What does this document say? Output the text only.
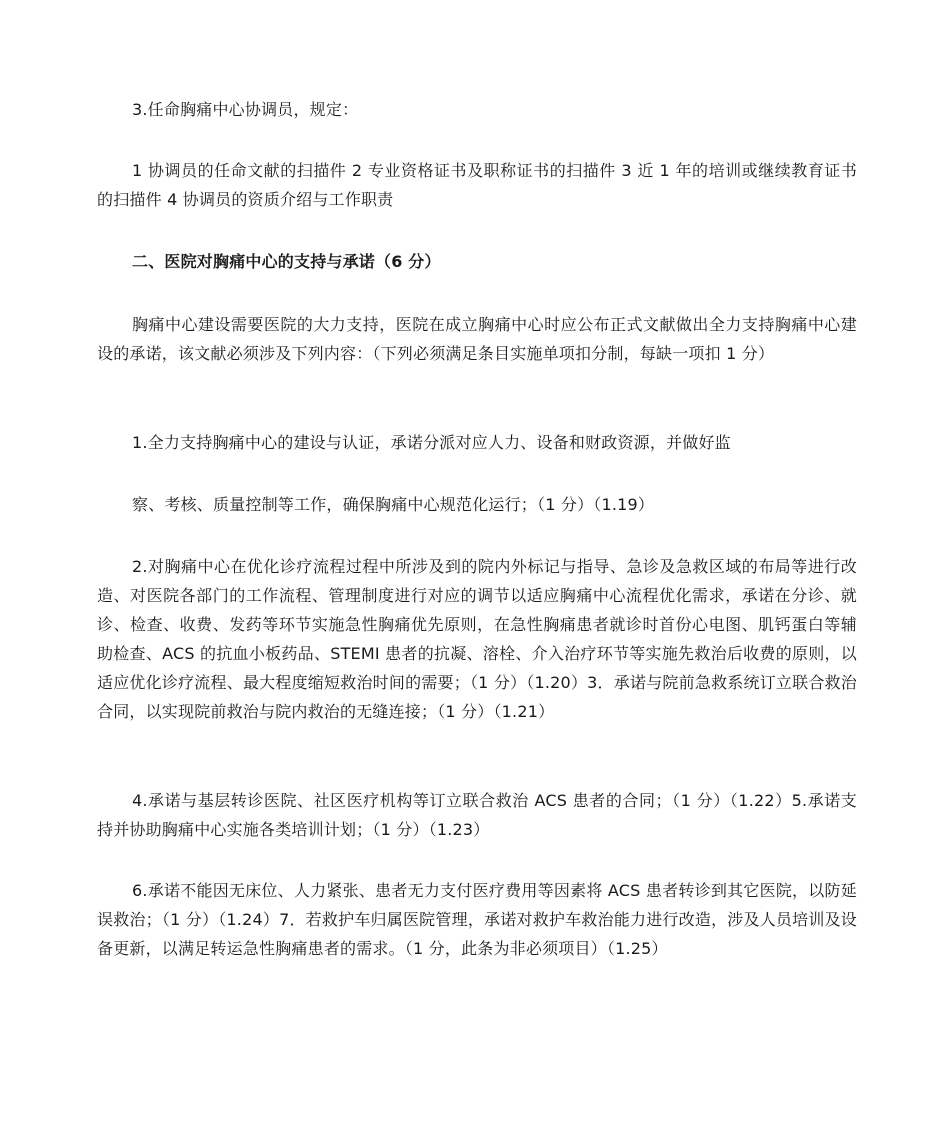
3.任命胸痛中心协调员，规定：

1 协调员的任命文献的扫描件 2 专业资格证书及职称证书的扫描件 3 近 1 年的培训或继续教育证书的扫描件 4 协调员的资质介绍与工作职责

二、医院对胸痛中心的支持与承诺（6 分）

胸痛中心建设需要医院的大力支持，医院在成立胸痛中心时应公布正式文献做出全力支持胸痛中心建设的承诺，该文献必须涉及下列内容：（下列必须满足条目实施单项扣分制，每缺一项扣 1 分）

1.全力支持胸痛中心的建设与认证，承诺分派对应人力、设备和财政资源，并做好监

察、考核、质量控制等工作，确保胸痛中心规范化运行；（1 分）（1.19）

2.对胸痛中心在优化诊疗流程过程中所涉及到的院内外标记与指导、急诊及急救区域的布局等进行改造、对医院各部门的工作流程、管理制度进行对应的调节以适应胸痛中心流程优化需求，承诺在分诊、就诊、检查、收费、发药等环节实施急性胸痛优先原则，在急性胸痛患者就诊时首份心电图、肌钙蛋白等辅助检查、ACS 的抗血小板药品、STEMI 患者的抗凝、溶栓、介入治疗环节等实施先救治后收费的原则，以适应优化诊疗流程、最大程度缩短救治时间的需要；（1 分）（1.20）3．承诺与院前急救系统订立联合救治合同，以实现院前救治与院内救治的无缝连接；（1 分）（1.21）

4.承诺与基层转诊医院、社区医疗机构等订立联合救治 ACS 患者的合同；（1 分）（1.22）5.承诺支持并协助胸痛中心实施各类培训计划；（1 分）（1.23）

6.承诺不能因无床位、人力紧张、患者无力支付医疗费用等因素将 ACS 患者转诊到其它医院，以防延误救治；（1 分）（1.24）7．若救护车归属医院管理，承诺对救护车救治能力进行改造，涉及人员培训及设备更新，以满足转运急性胸痛患者的需求。（1 分，此条为非必须项目）（1.25）
